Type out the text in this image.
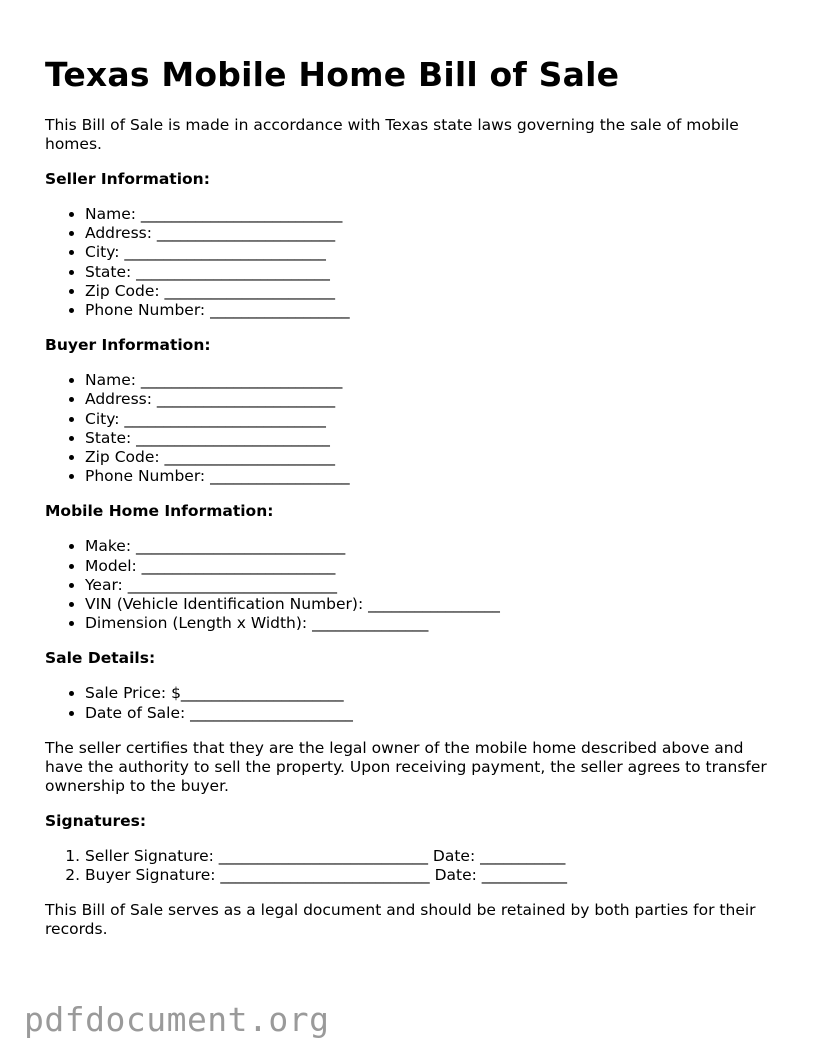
Texas Mobile Home Bill of Sale

This Bill of Sale is made in accordance with Texas state laws governing the sale of mobile homes.

Seller Information:
• Name: __________________________
• Address: _______________________
• City: __________________________
• State: _________________________
• Zip Code: ______________________
• Phone Number: __________________
Buyer Information:
• Name: __________________________
• Address: _______________________
• City: __________________________
• State: _________________________
• Zip Code: ______________________
• Phone Number: __________________
Mobile Home Information:
• Make: ___________________________
• Model: _________________________
• Year: ___________________________
• VIN (Vehicle Identification Number): _________________
• Dimension (Length x Width): _______________
Sale Details:
• Sale Price: $_____________________
• Date of Sale: _____________________

The seller certifies that they are the legal owner of the mobile home described above and have the authority to sell the property. Upon receiving payment, the seller agrees to transfer ownership to the buyer.

Signatures:
1. Seller Signature: ___________________________ Date: ___________
2. Buyer Signature: ___________________________ Date: ___________

This Bill of Sale serves as a legal document and should be retained by both parties for their records.

pdfdocument.org
